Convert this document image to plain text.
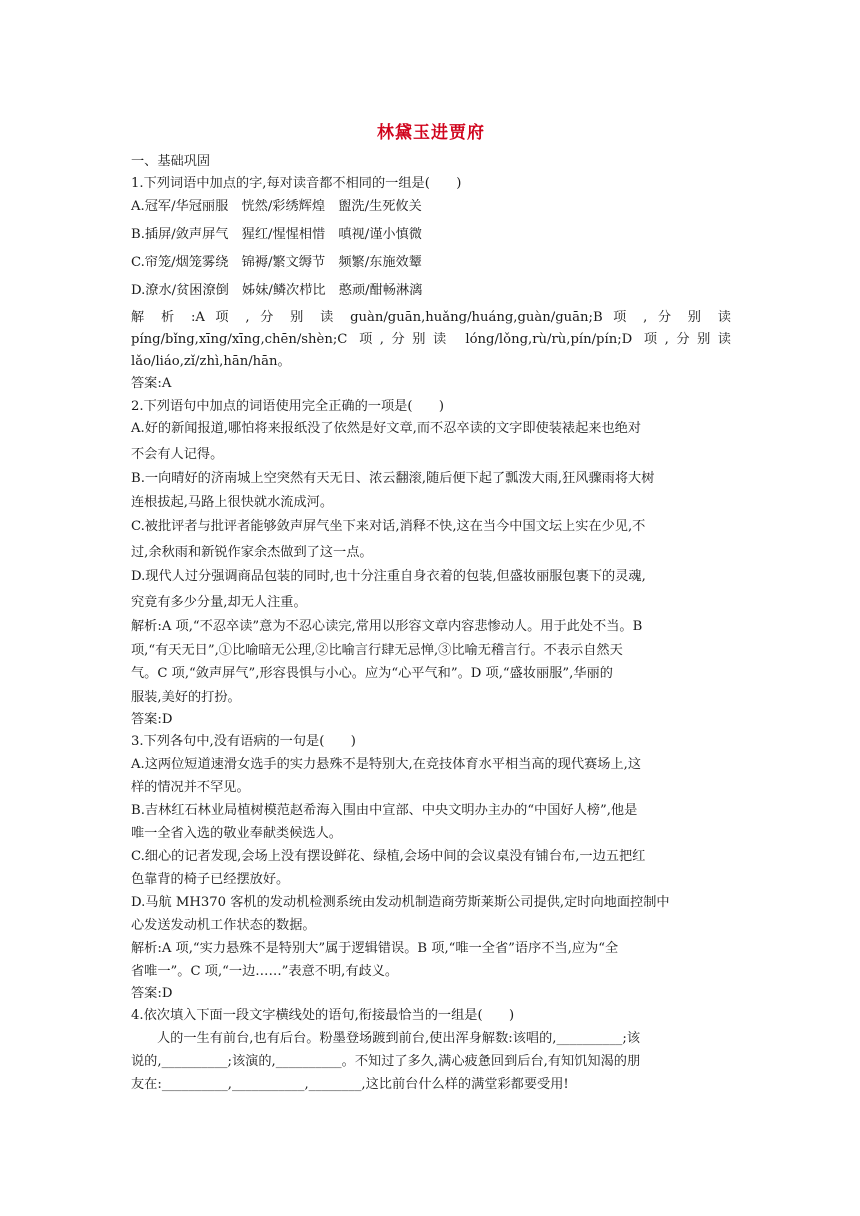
林黛玉进贾府
一、基础巩固
1.下列词语中加点的字,每对读音都不相同的一组是(　　)
A.冠军/华冠丽服　恍然/彩绣辉煌　盥洗/生死攸关
B.插屏/敛声屏气　猩红/惺惺相惜　嗔视/谨小慎微
C.帘笼/烟笼雾绕　锦褥/繁文缛节　频繁/东施效颦
D.潦水/贫困潦倒　姊妹/鳞次栉比　憨顽/酣畅淋漓
解 析 :A 项 , 分 别 读 guàn/guān,huǎng/huáng,guàn/guān;B 项 , 分 别 读
píng/bǐng,xīng/xīng,chēn/shèn;C 项,分别读 lóng/lǒng,rù/rù,pín/pín;D 项,分别读
lǎo/liáo,zǐ/zhì,hān/hān。
答案:A
2.下列语句中加点的词语使用完全正确的一项是(　　)
A.好的新闻报道,哪怕将来报纸没了依然是好文章,而不忍卒读的文字即使装裱起来也绝对
不会有人记得。
B.一向晴好的济南城上空突然有天无日、浓云翻滚,随后便下起了瓢泼大雨,狂风骤雨将大树
连根拔起,马路上很快就水流成河。
C.被批评者与批评者能够敛声屏气坐下来对话,消释不快,这在当今中国文坛上实在少见,不
过,余秋雨和新锐作家余杰做到了这一点。
D.现代人过分强调商品包装的同时,也十分注重自身衣着的包装,但盛妆丽服包裹下的灵魂,
究竟有多少分量,却无人注重。
解析:A 项,“不忍卒读”意为不忍心读完,常用以形容文章内容悲惨动人。用于此处不当。B
项,“有天无日”,①比喻暗无公理,②比喻言行肆无忌惮,③比喻无稽言行。不表示自然天
气。C 项,“敛声屏气”,形容畏惧与小心。应为“心平气和”。D 项,“盛妆丽服”,华丽的
服装,美好的打扮。
答案:D
3.下列各句中,没有语病的一句是(　　)
A.这两位短道速滑女选手的实力悬殊不是特别大,在竞技体育水平相当高的现代赛场上,这
样的情况并不罕见。
B.吉林红石林业局植树模范赵希海入围由中宣部、中央文明办主办的“中国好人榜”,他是
唯一全省入选的敬业奉献类候选人。
C.细心的记者发现,会场上没有摆设鲜花、绿植,会场中间的会议桌没有铺台布,一边五把红
色靠背的椅子已经摆放好。
D.马航 MH370 客机的发动机检测系统由发动机制造商劳斯莱斯公司提供,定时向地面控制中
心发送发动机工作状态的数据。
解析:A 项,“实力悬殊不是特别大”属于逻辑错误。B 项,“唯一全省”语序不当,应为“全
省唯一”。C 项,“一边……”表意不明,有歧义。
答案:D
4.依次填入下面一段文字横线处的语句,衔接最恰当的一组是(　　)
人的一生有前台,也有后台。粉墨登场踱到前台,使出浑身解数:该唱的,__________;该
说的,__________;该演的,__________。不知过了多久,满心疲惫回到后台,有知饥知渴的朋
友在:__________,___________,________,这比前台什么样的满堂彩都要受用!
